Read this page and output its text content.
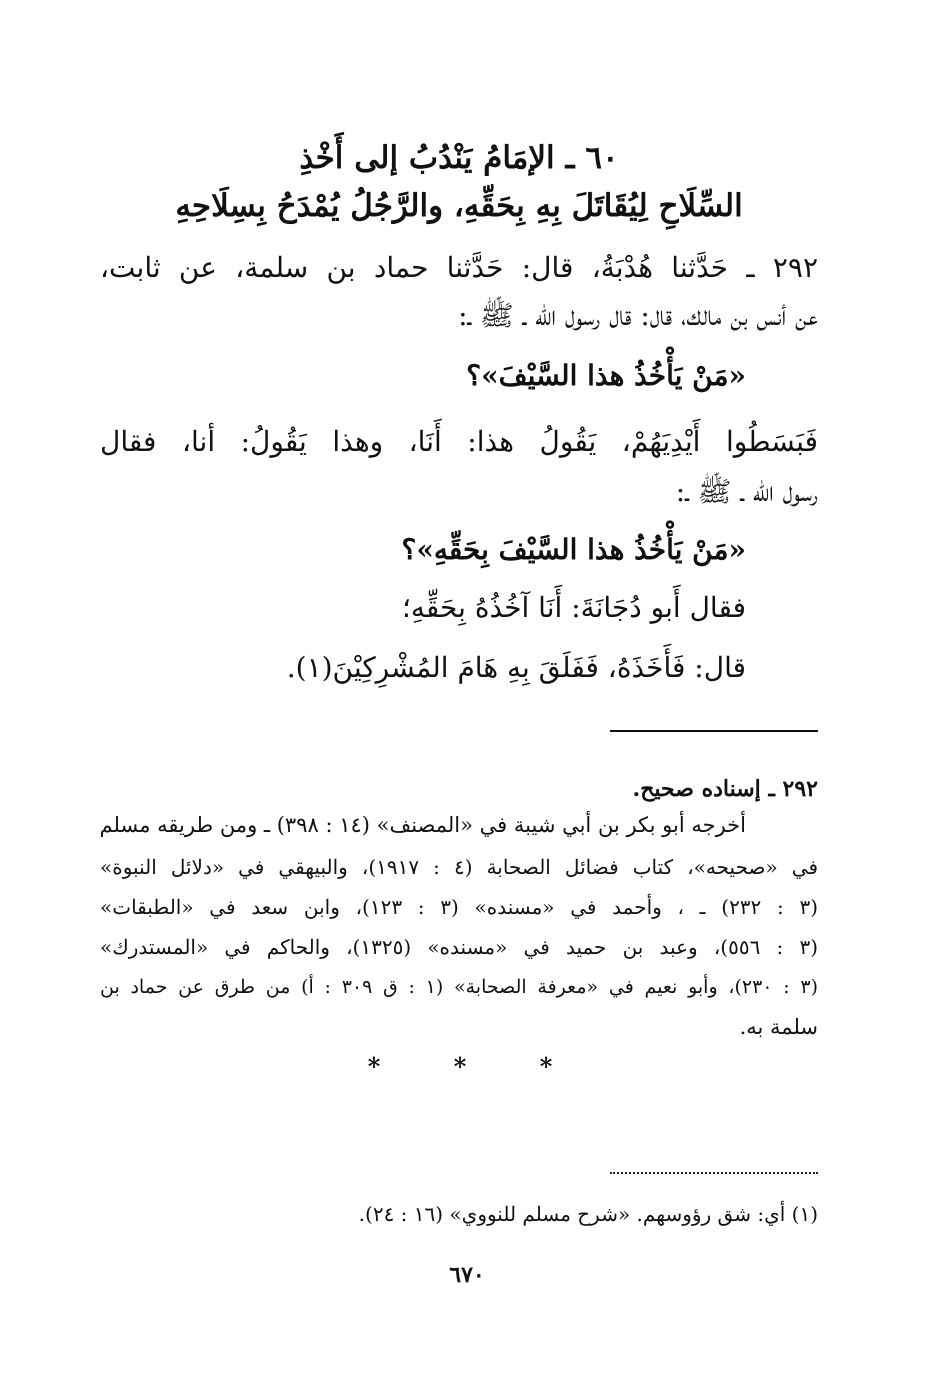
٦٠ ـ الإمَامُ يَنْدُبُ إلى أَخْذِ
السِّلَاحِ لِيُقَاتَلَ بِهِ بِحَقِّهِ، والرَّجُلُ يُمْدَحُ بِسِلَاحِهِ
٢٩٢ ـ حَدَّثنا هُدْبَةُ، قال: حَدَّثنا حماد بن سلمة، عن ثابت،
عن أنس بن مالك، قال: قال رسول الله ـ ﷺ ـ:
«مَنْ يَأْخُذُ هذا السَّيْفَ»؟
فَبَسَطُوا أَيْدِيَهُمْ، يَقُولُ هذا: أَنَا، وهذا يَقُولُ: أنا، فقال
رسول الله ـ ﷺ ـ:
«مَنْ يَأْخُذُ هذا السَّيْفَ بِحَقِّهِ»؟
فقال أَبو دُجَانَةَ: أَنَا آخُذُهُ بِحَقِّهِ؛
قال: فَأَخَذَهُ، فَفَلَقَ بِهِ هَامَ المُشْرِكِيْنَ(١).
٢٩٢ ـ إسناده صحيح.
أخرجه أبو بكر بن أبي شيبة في «المصنف» (١٤ : ٣٩٨) ـ ومن طريقه مسلم
في «صحيحه»، كتاب فضائل الصحابة (٤ : ١٩١٧)، والبيهقي في «دلائل النبوة»
(٣ : ٢٣٢) ـ ، وأحمد في «مسنده» (٣ : ١٢٣)، وابن سعد في «الطبقات»
(٣ : ٥٥٦)، وعبد بن حميد في «مسنده» (١٣٢٥)، والحاكم في «المستدرك»
(٣ : ٢٣٠)، وأبو نعيم في «معرفة الصحابة» (١ : ق ٣٠٩ : أ) من طرق عن حماد بن
سلمة به.
*	*	*
(١) أي: شق رؤوسهم. «شرح مسلم للنووي» (١٦ : ٢٤).
٦٧٠
